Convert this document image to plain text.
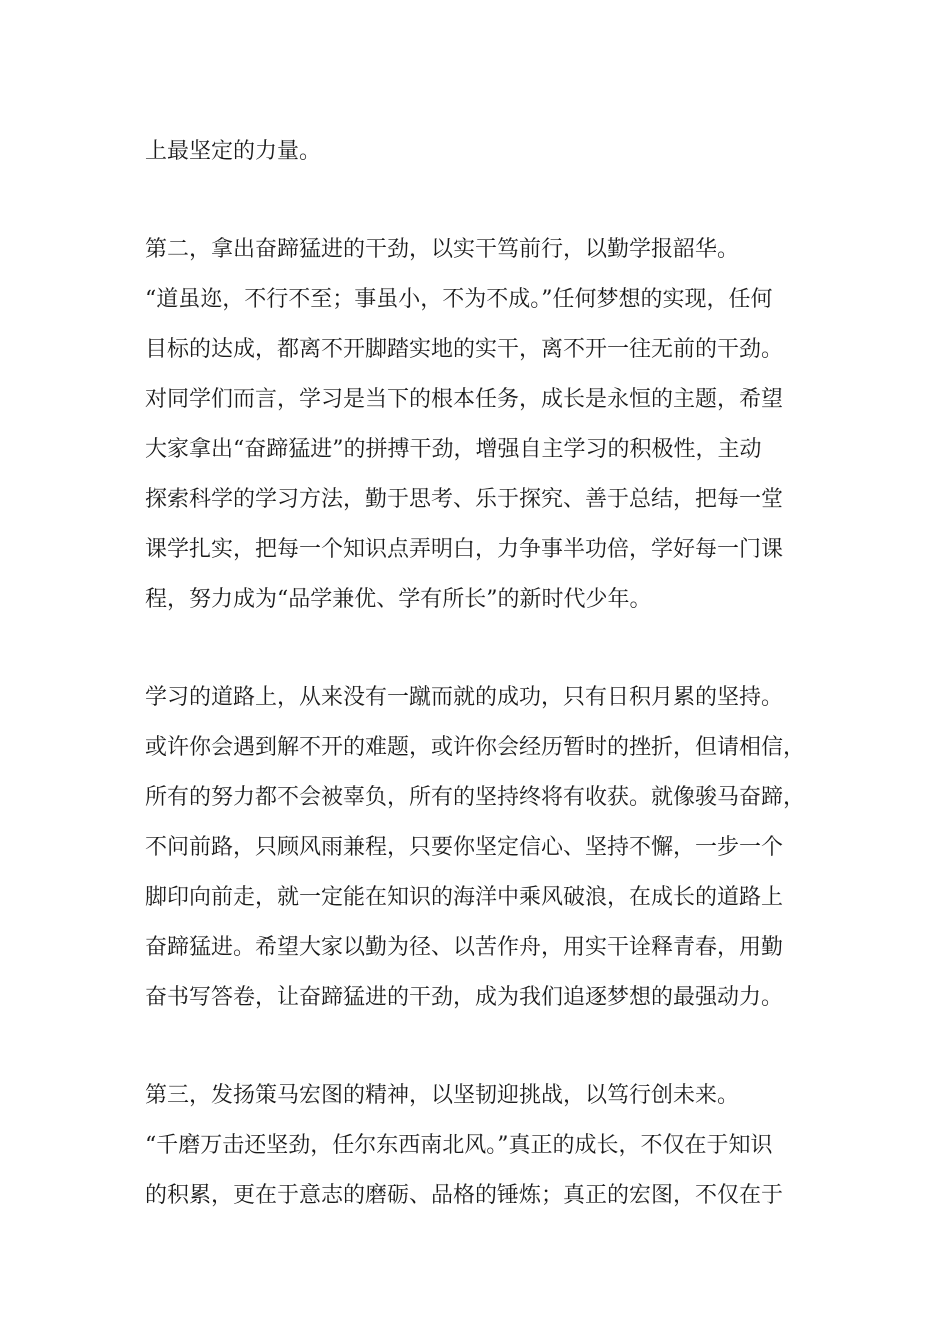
上最坚定的力量。
第二，拿出奋蹄猛进的干劲，以实干笃前行，以勤学报韶华。
“道虽迩，不行不至；事虽小，不为不成。”任何梦想的实现，任何
目标的达成，都离不开脚踏实地的实干，离不开一往无前的干劲。
对同学们而言，学习是当下的根本任务，成长是永恒的主题，希望
大家拿出“奋蹄猛进”的拼搏干劲，增强自主学习的积极性，主动
探索科学的学习方法，勤于思考、乐于探究、善于总结，把每一堂
课学扎实，把每一个知识点弄明白，力争事半功倍，学好每一门课
程，努力成为“品学兼优、学有所长”的新时代少年。
学习的道路上，从来没有一蹴而就的成功，只有日积月累的坚持。
或许你会遇到解不开的难题，或许你会经历暂时的挫折，但请相信，
所有的努力都不会被辜负，所有的坚持终将有收获。就像骏马奋蹄，
不问前路，只顾风雨兼程，只要你坚定信心、坚持不懈，一步一个
脚印向前走，就一定能在知识的海洋中乘风破浪，在成长的道路上
奋蹄猛进。希望大家以勤为径、以苦作舟，用实干诠释青春，用勤
奋书写答卷，让奋蹄猛进的干劲，成为我们追逐梦想的最强动力。
第三，发扬策马宏图的精神，以坚韧迎挑战，以笃行创未来。
“千磨万击还坚劲，任尔东西南北风。”真正的成长，不仅在于知识
的积累，更在于意志的磨砺、品格的锤炼；真正的宏图，不仅在于
